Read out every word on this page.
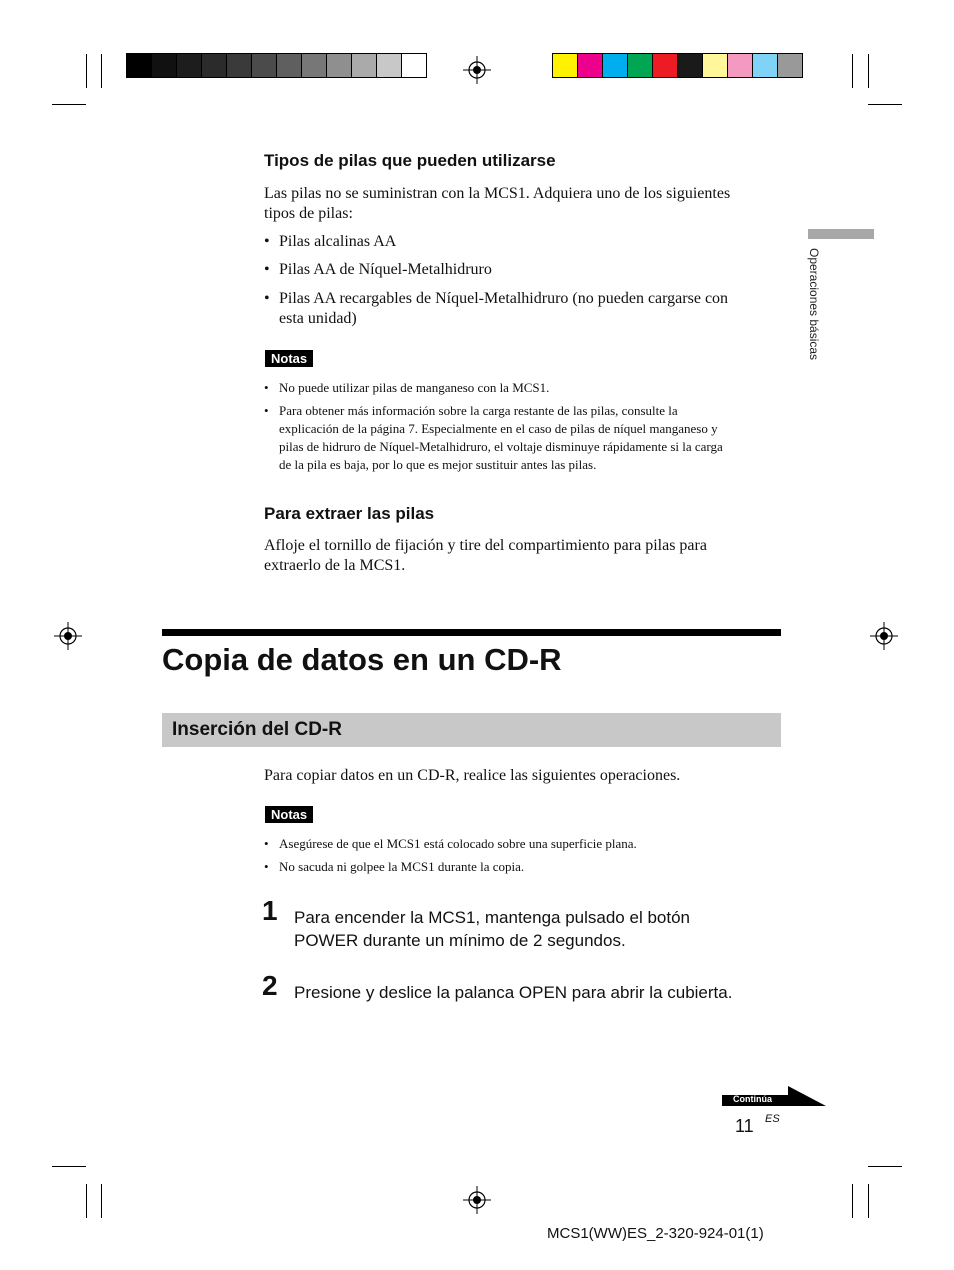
Operaciones básicas
Tipos de pilas que pueden utilizarse
Las pilas no se suministran con la MCS1. Adquiera uno de los siguientes
tipos de pilas:
• Pilas alcalinas AA
• Pilas AA de Níquel-Metalhidruro
• Pilas AA recargables de Níquel-Metalhidruro (no pueden cargarse con
esta unidad)
Notas
• No puede utilizar pilas de manganeso con la MCS1.
• Para obtener más información sobre la carga restante de las pilas, consulte la
explicación de la página 7. Especialmente en el caso de pilas de níquel manganeso y
pilas de hidruro de Níquel-Metalhidruro, el voltaje disminuye rápidamente si la carga
de la pila es baja, por lo que es mejor sustituir antes las pilas.
Para extraer las pilas
Afloje el tornillo de fijación y tire del compartimiento para pilas para
extraerlo de la MCS1.
Copia de datos en un CD-R
Inserción del CD-R
Para copiar datos en un CD-R, realice las siguientes operaciones.
Notas
• Asegúrese de que el MCS1 está colocado sobre una superficie plana.
• No sacuda ni golpee la MCS1 durante la copia.
1 Para encender la MCS1, mantenga pulsado el botón
POWER durante un mínimo de 2 segundos.
2 Presione y deslice la palanca OPEN para abrir la cubierta.
Continúa
11 ES
MCS1(WW)ES_2-320-924-01(1)
